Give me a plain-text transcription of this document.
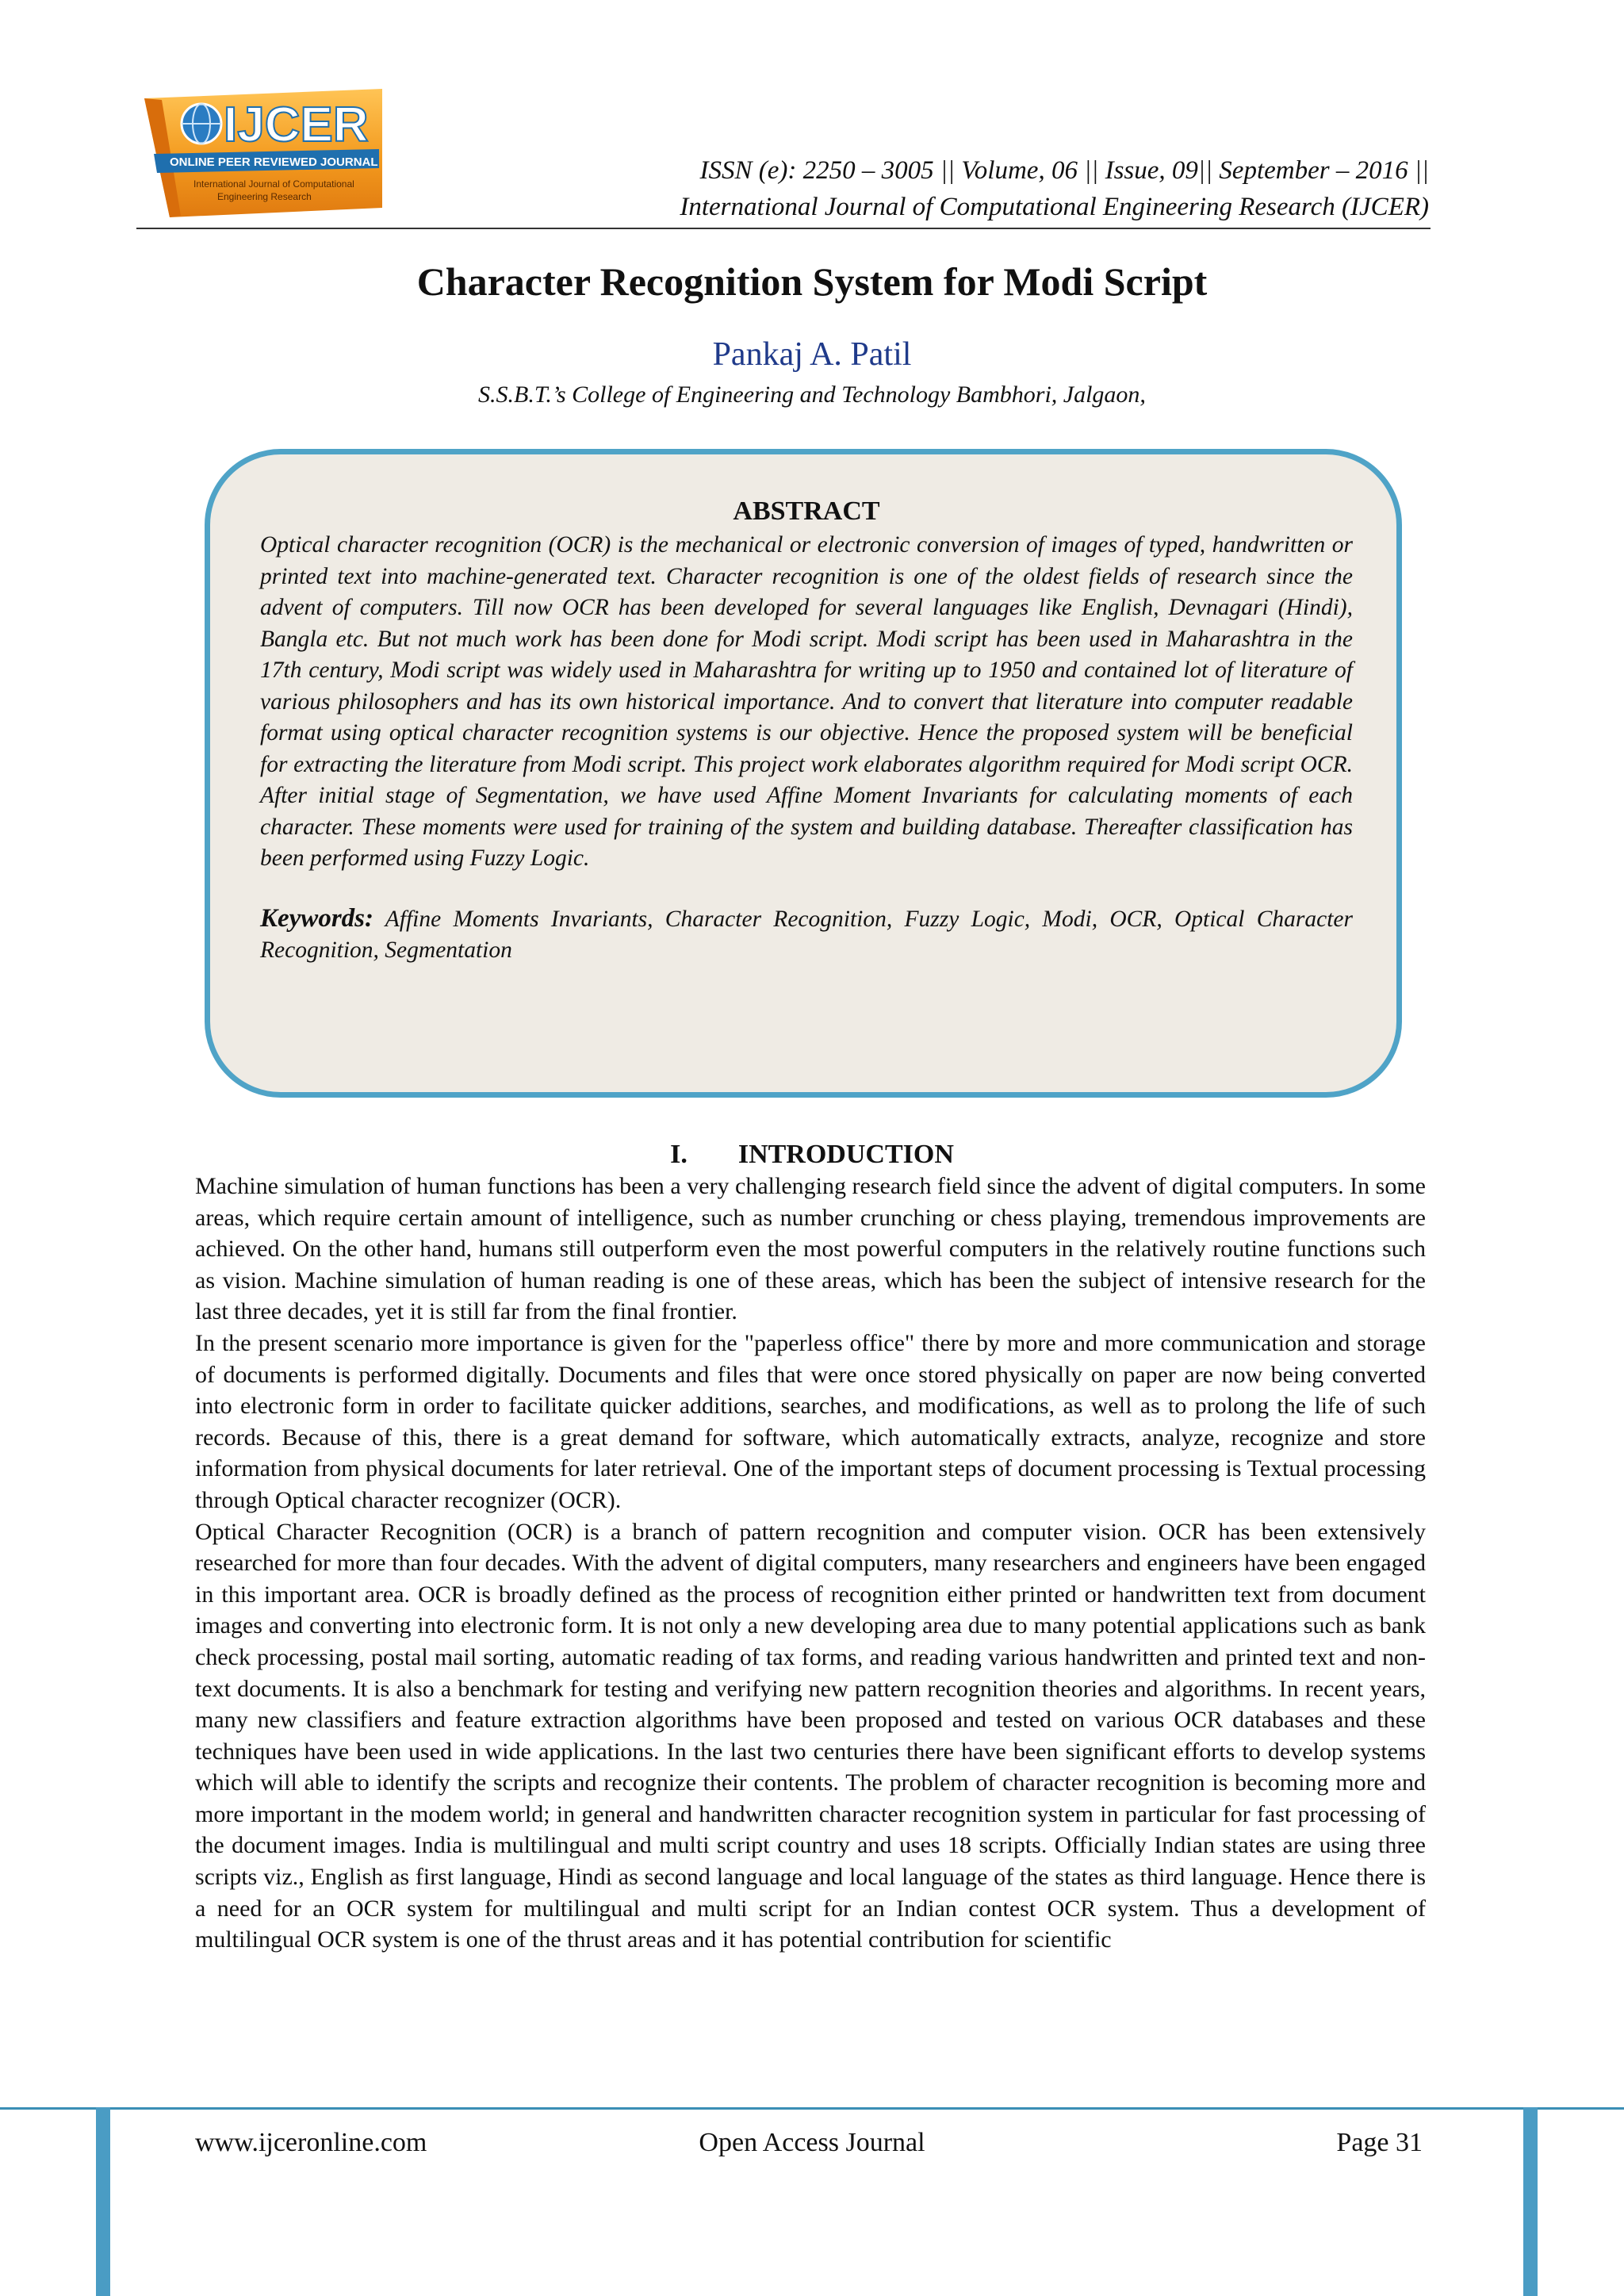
IJCER
ONLINE PEER REVIEWED JOURNAL
International Journal of Computational
Engineering Research
ISSN (e): 2250 – 3005 || Volume, 06 || Issue, 09|| September – 2016 ||
International Journal of Computational Engineering Research (IJCER)
Character Recognition System for Modi Script
Pankaj A. Patil
S.S.B.T.’s College of Engineering and Technology Bambhori, Jalgaon,
ABSTRACT

Optical character recognition (OCR) is the mechanical or electronic conversion of images of typed, handwritten or printed text into machine-generated text. Character recognition is one of the oldest fields of research since the advent of computers. Till now OCR has been developed for several languages like English, Devnagari (Hindi), Bangla etc. But not much work has been done for Modi script. Modi script has been used in Maharashtra in the 17th century, Modi script was widely used in Maharashtra for writing up to 1950 and contained lot of literature of various philosophers and has its own historical importance. And to convert that literature into computer readable format using optical character recognition systems is our objective. Hence the proposed system will be beneficial for extracting the literature from Modi script. This project work elaborates algorithm required for Modi script OCR. After initial stage of Segmentation, we have used Affine Moment Invariants for calculating moments of each character. These moments were used for training of the system and building database. Thereafter classification has been performed using Fuzzy Logic.

Keywords: Affine Moments Invariants, Character Recognition, Fuzzy Logic, Modi, OCR, Optical Character Recognition, Segmentation

I. INTRODUCTION

Machine simulation of human functions has been a very challenging research field since the advent of digital computers. In some areas, which require certain amount of intelligence, such as number crunching or chess playing, tremendous improvements are achieved. On the other hand, humans still outperform even the most powerful computers in the relatively routine functions such as vision. Machine simulation of human reading is one of these areas, which has been the subject of intensive research for the last three decades, yet it is still far from the final frontier.

In the present scenario more importance is given for the "paperless office" there by more and more communication and storage of documents is performed digitally. Documents and files that were once stored physically on paper are now being converted into electronic form in order to facilitate quicker additions, searches, and modifications, as well as to prolong the life of such records. Because of this, there is a great demand for software, which automatically extracts, analyze, recognize and store information from physical documents for later retrieval. One of the important steps of document processing is Textual processing through Optical character recognizer (OCR).

Optical Character Recognition (OCR) is a branch of pattern recognition and computer vision. OCR has been extensively researched for more than four decades. With the advent of digital computers, many researchers and engineers have been engaged in this important area. OCR is broadly defined as the process of recognition either printed or handwritten text from document images and converting into electronic form. It is not only a new developing area due to many potential applications such as bank check processing, postal mail sorting, automatic reading of tax forms, and reading various handwritten and printed text and non-text documents. It is also a benchmark for testing and verifying new pattern recognition theories and algorithms. In recent years, many new classifiers and feature extraction algorithms have been proposed and tested on various OCR databases and these techniques have been used in wide applications. In the last two centuries there have been significant efforts to develop systems which will able to identify the scripts and recognize their contents. The problem of character recognition is becoming more and more important in the modem world; in general and handwritten character recognition system in particular for fast processing of the document images. India is multilingual and multi script country and uses 18 scripts. Officially Indian states are using three scripts viz., English as first language, Hindi as second language and local language of the states as third language. Hence there is a need for an OCR system for multilingual and multi script for an Indian contest OCR system. Thus a development of multilingual OCR system is one of the thrust areas and it has potential contribution for scientific

www.ijceronline.com	Open Access Journal	Page 31
